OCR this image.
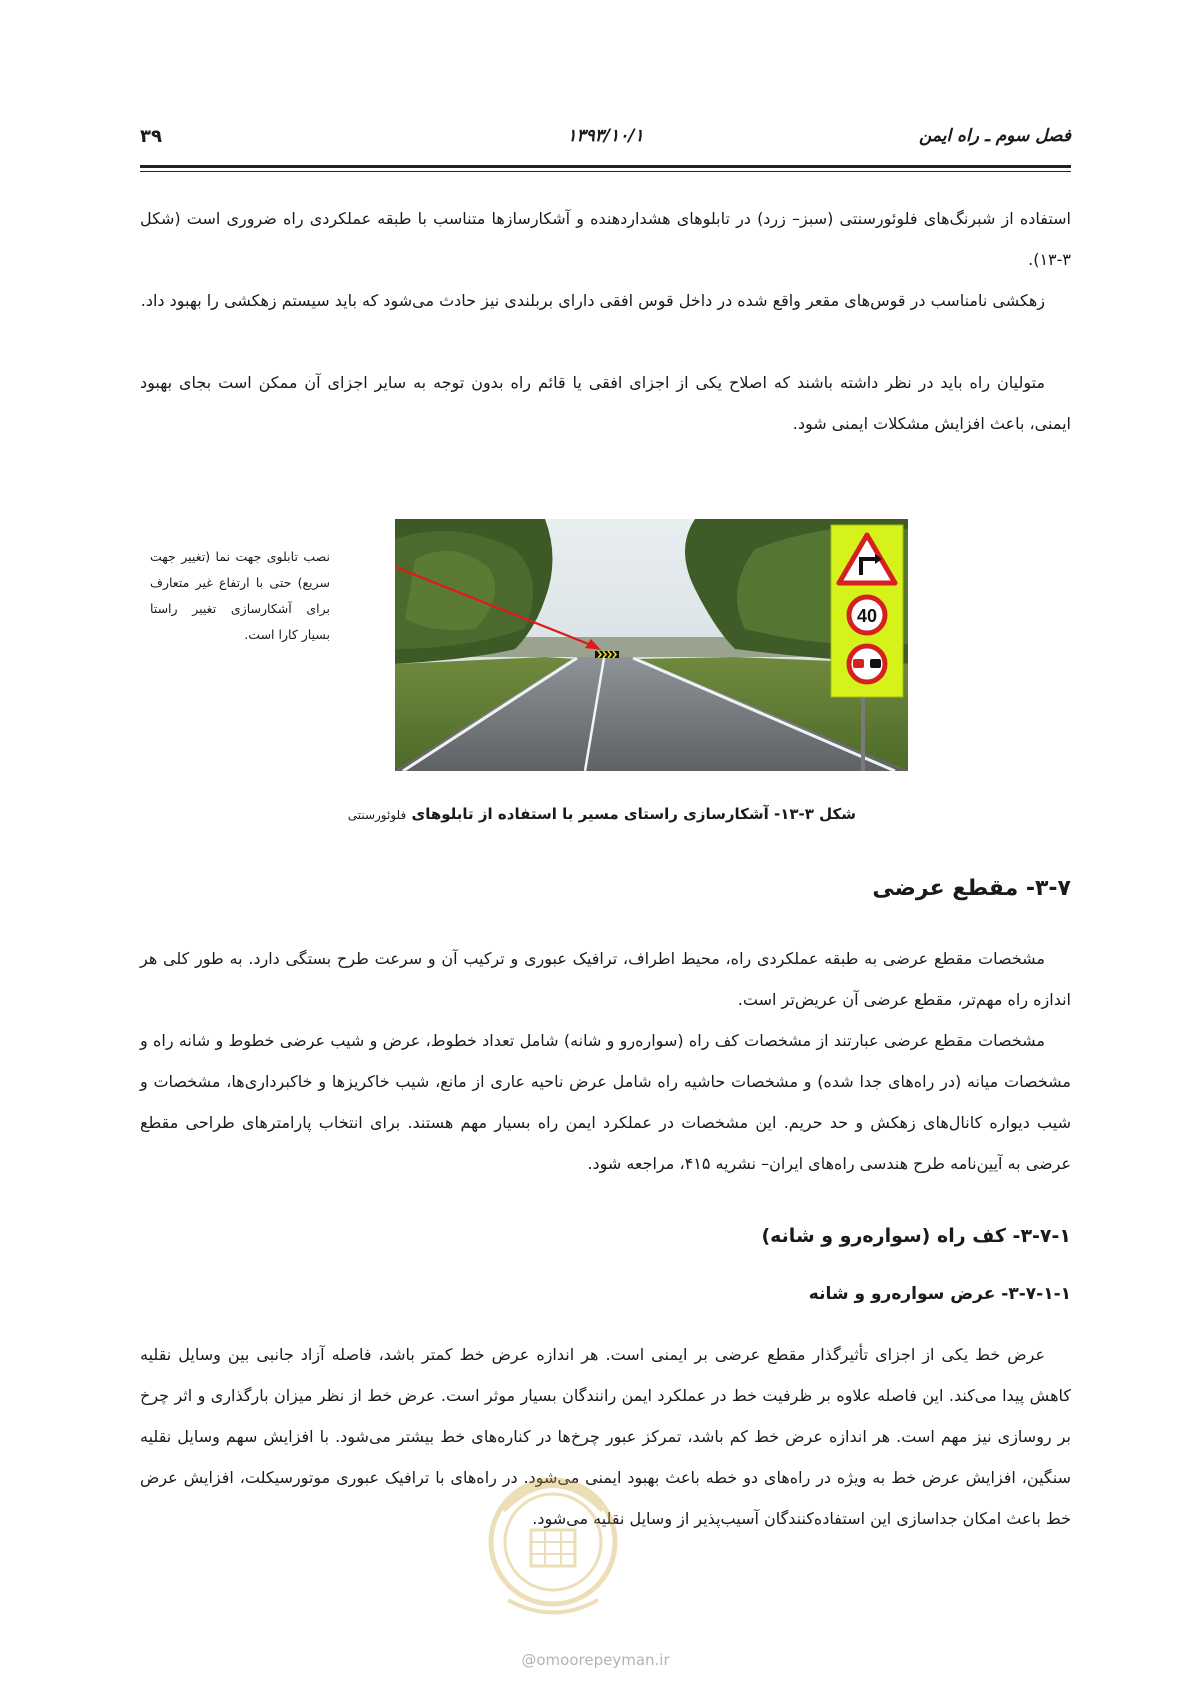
فصل سوم ـ راه ایمن
۱۳۹۳/۱۰/۱
۳۹
استفاده از شبرنگ‌های فلوئورسنتی (سبز– زرد) در تابلوهای هشداردهنده و آشکارسازها متناسب با طبقه عملکردی راه ضروری است (شکل ۳-۱۳).
زهکشی نامناسب در قوس‌های مقعر واقع شده در داخل قوس افقی دارای بربلندی نیز حادث می‌شود که باید سیستم زهکشی را بهبود داد.
متولیان راه باید در نظر داشته باشند که اصلاح یکی از اجزای افقی یا قائم راه بدون توجه به سایر اجزای آن ممکن است بجای بهبود ایمنی، باعث افزایش مشکلات ایمنی شود.
40
نصب تابلوی جهت نما (تغییر جهت سریع) حتی با ارتفاع غیر متعارف برای آشکارسازی تغییر راستا بسیار کارا است.
شکل ۳-۱۳- آشکارسازی راستای مسیر با استفاده از تابلوهای فلوئورسنتی
۳-۷- مقطع عرضی
مشخصات مقطع عرضی به طبقه عملکردی راه، محیط اطراف، ترافیک عبوری و ترکیب آن و سرعت طرح بستگی دارد. به طور کلی هر اندازه راه مهم‌تر، مقطع عرضی آن عریض‌تر است.
مشخصات مقطع عرضی عبارتند از مشخصات کف راه (سواره‌رو و شانه) شامل تعداد خطوط، عرض و شیب عرضی خطوط و شانه راه و مشخصات میانه (در راه‌های جدا شده) و مشخصات حاشیه راه شامل عرض ناحیه عاری از مانع، شیب خاکریزها و خاکبرداری‌ها، مشخصات و شیب دیواره کانال‌های زهکش و حد حریم. این مشخصات در عملکرد ایمن راه بسیار مهم هستند. برای انتخاب پارامترهای طراحی مقطع عرضی به آیین‌نامه طرح هندسی راه‌های ایران– نشریه ۴۱۵، مراجعه شود.
۳-۷-۱- کف راه (سواره‌رو و شانه)
۳-۷-۱-۱- عرض سواره‌رو و شانه
عرض خط یکی از اجزای تأثیرگذار مقطع عرضی بر ایمنی است. هر اندازه عرض خط کمتر باشد، فاصله آزاد جانبی بین وسایل نقلیه کاهش پیدا می‌کند. این فاصله علاوه بر ظرفیت خط در عملکرد ایمن رانندگان بسیار موثر است. عرض خط از نظر میزان بارگذاری و اثر چرخ بر روسازی نیز مهم است. هر اندازه عرض خط کم باشد، تمرکز عبور چرخ‌ها در کناره‌های خط بیشتر می‌شود. با افزایش سهم وسایل نقلیه سنگین، افزایش عرض خط به ویژه در راه‌های دو خطه باعث بهبود ایمنی می‌شود. در راه‌های با ترافیک عبوری موتورسیکلت، افزایش عرض خط باعث امکان جداسازی این استفاده‌کنندگان آسیب‌پذیر از وسایل نقلیه می‌شود.
@omoorepeyman.ir
